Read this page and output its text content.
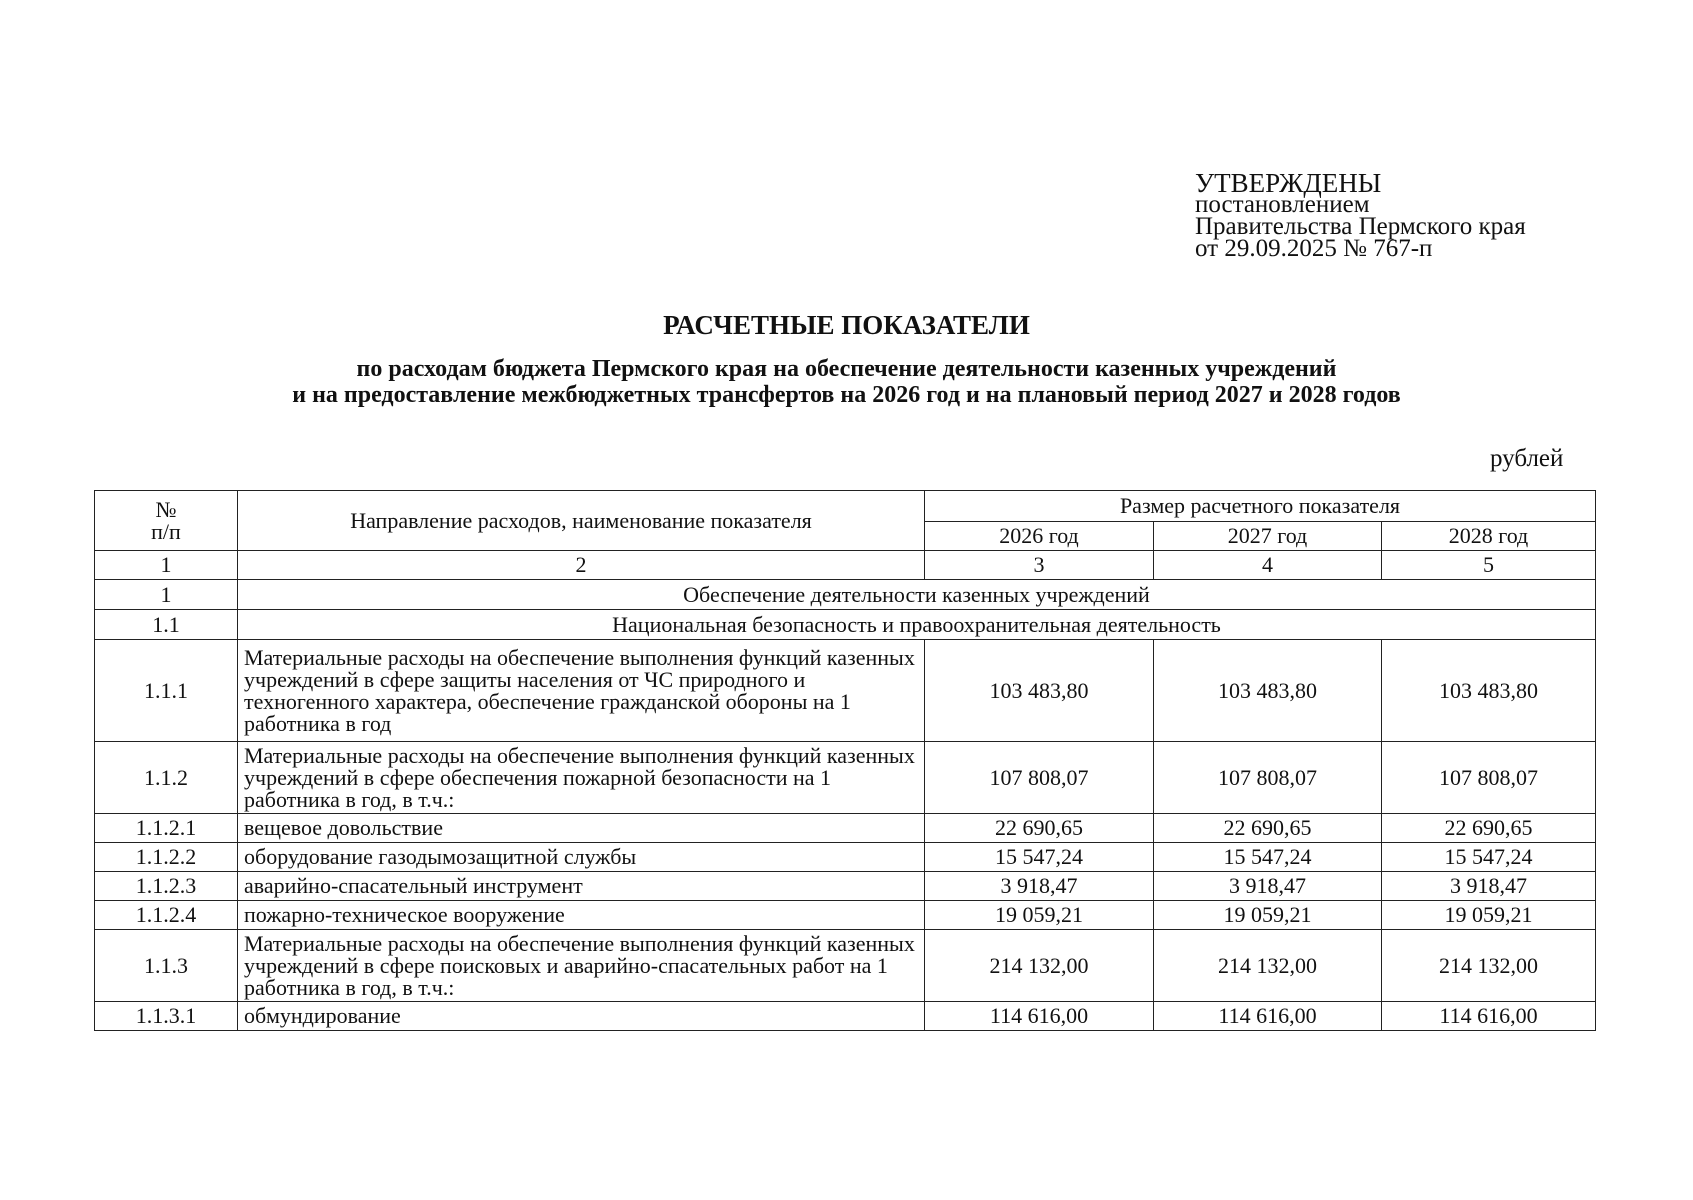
УТВЕРЖДЕНЫ
постановлением
Правительства Пермского края
от 29.09.2025 № 767-п
РАСЧЕТНЫЕ ПОКАЗАТЕЛИ
по расходам бюджета Пермского края на обеспечение деятельности казенных учреждений
и на предоставление межбюджетных трансфертов на 2026 год и на плановый период 2027 и 2028 годов
рублей
№
п/п	Направление расходов, наименование показателя	Размер расчетного показателя		
		2026 год	2027 год	2028 год
1	2	3	4	5
1	Обеспечение деятельности казенных учреждений			
1.1	Национальная безопасность и правоохранительная деятельность			
1.1.1	Материальные расходы на обеспечение выполнения функций казенных учреждений в сфере защиты населения от ЧС природного и техногенного характера, обеспечение гражданской обороны на 1 работника в год	103 483,80	103 483,80	103 483,80
1.1.2	Материальные расходы на обеспечение выполнения функций казенных учреждений в сфере обеспечения пожарной безопасности на 1 работника в год, в т.ч.:	107 808,07	107 808,07	107 808,07
1.1.2.1	вещевое довольствие	22 690,65	22 690,65	22 690,65
1.1.2.2	оборудование газодымозащитной службы	15 547,24	15 547,24	15 547,24
1.1.2.3	аварийно-спасательный инструмент	3 918,47	3 918,47	3 918,47
1.1.2.4	пожарно-техническое вооружение	19 059,21	19 059,21	19 059,21
1.1.3	Материальные расходы на обеспечение выполнения функций казенных учреждений в сфере поисковых и аварийно-спасательных работ на 1 работника в год, в т.ч.:	214 132,00	214 132,00	214 132,00
1.1.3.1	обмундирование	114 616,00	114 616,00	114 616,00
